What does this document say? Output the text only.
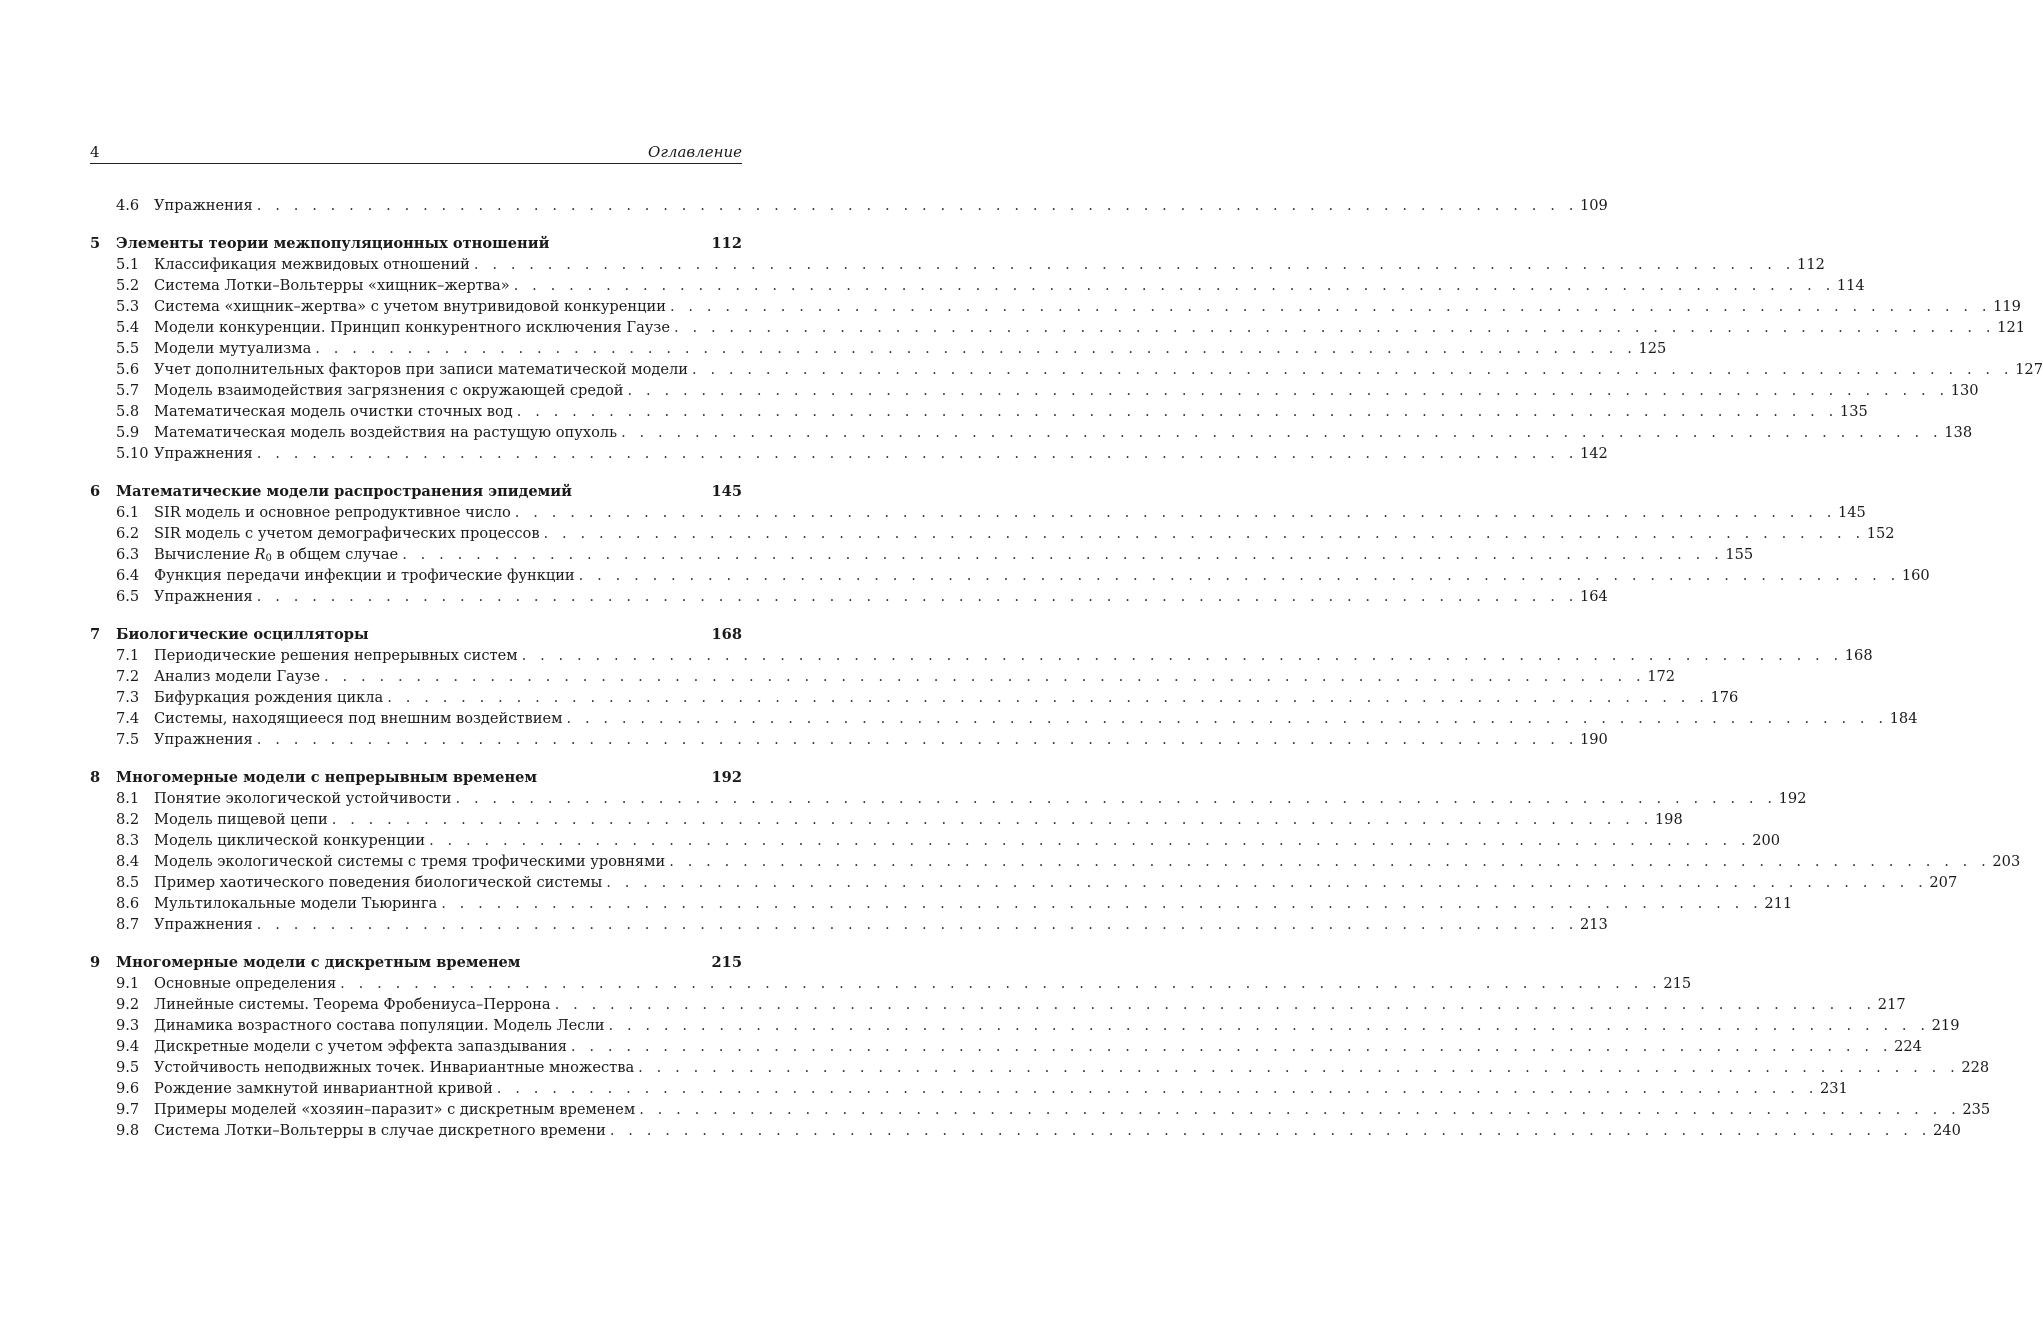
4	Оглавление
4.6	Упражнения . . . . . . . . . . . . . . . . . . . . . . . . . . . . . . . . . . . . . . . . . . . . . . . . . . . . . . . . . . . . . . . . . . . . . . . . 109
5	Элементы теории межпопуляционных отношений	112
5.1	Классификация межвидовых отношений . . . . . . . . . . . . . . . . . . . . . . . . . . . . . . . . . . . . . . . . . . . . . . . . . . . . . . . . . . . . . . . . . . . . . . . . 112
5.2	Система Лотки–Вольтерры «хищник–жертва» . . . . . . . . . . . . . . . . . . . . . . . . . . . . . . . . . . . . . . . . . . . . . . . . . . . . . . . . . . . . . . . . . . . . . . . . 114
5.3	Система «хищник–жертва» с учетом внутривидовой конкуренции . . . . . . . . . . . . . . . . . . . . . . . . . . . . . . . . . . . . . . . . . . . . . . . . . . . . . . . . . . . . . . . . . . . . . . . . 119
5.4	Модели конкуренции. Принцип конкурентного исключения Гаузе . . . . . . . . . . . . . . . . . . . . . . . . . . . . . . . . . . . . . . . . . . . . . . . . . . . . . . . . . . . . . . . . . . . . . . . . 121
5.5	Модели мутуализма . . . . . . . . . . . . . . . . . . . . . . . . . . . . . . . . . . . . . . . . . . . . . . . . . . . . . . . . . . . . . . . . . . . . . . . . 125
5.6	Учет дополнительных факторов при записи математической модели . . . . . . . . . . . . . . . . . . . . . . . . . . . . . . . . . . . . . . . . . . . . . . . . . . . . . . . . . . . . . . . . . . . . . . . . 127
5.7	Модель взаимодействия загрязнения с окружающей средой . . . . . . . . . . . . . . . . . . . . . . . . . . . . . . . . . . . . . . . . . . . . . . . . . . . . . . . . . . . . . . . . . . . . . . . . 130
5.8	Математическая модель очистки сточных вод . . . . . . . . . . . . . . . . . . . . . . . . . . . . . . . . . . . . . . . . . . . . . . . . . . . . . . . . . . . . . . . . . . . . . . . . 135
5.9	Математическая модель воздействия на растущую опухоль . . . . . . . . . . . . . . . . . . . . . . . . . . . . . . . . . . . . . . . . . . . . . . . . . . . . . . . . . . . . . . . . . . . . . . . . 138
5.10 Упражнения . . . . . . . . . . . . . . . . . . . . . . . . . . . . . . . . . . . . . . . . . . . . . . . . . . . . . . . . . . . . . . . . . . . . . . . . 142
6	Математические модели распространения эпидемий	145
6.1	SIR модель и основное репродуктивное число . . . . . . . . . . . . . . . . . . . . . . . . . . . . . . . . . . . . . . . . . . . . . . . . . . . . . . . . . . . . . . . . . . . . . . . . 145
6.2	SIR модель с учетом демографических процессов . . . . . . . . . . . . . . . . . . . . . . . . . . . . . . . . . . . . . . . . . . . . . . . . . . . . . . . . . . . . . . . . . . . . . . . . 152
6.3	Вычисление $R_0$ в общем случае . . . . . . . . . . . . . . . . . . . . . . . . . . . . . . . . . . . . . . . . . . . . . . . . . . . . . . . . . . . . . . . . . . . . . . . . 155
6.4	Функция передачи инфекции и трофические функции . . . . . . . . . . . . . . . . . . . . . . . . . . . . . . . . . . . . . . . . . . . . . . . . . . . . . . . . . . . . . . . . . . . . . . . . 160
6.5	Упражнения . . . . . . . . . . . . . . . . . . . . . . . . . . . . . . . . . . . . . . . . . . . . . . . . . . . . . . . . . . . . . . . . . . . . . . . . 164
7	Биологические осцилляторы	168
7.1	Периодические решения непрерывных систем . . . . . . . . . . . . . . . . . . . . . . . . . . . . . . . . . . . . . . . . . . . . . . . . . . . . . . . . . . . . . . . . . . . . . . . . 168
7.2	Анализ модели Гаузе . . . . . . . . . . . . . . . . . . . . . . . . . . . . . . . . . . . . . . . . . . . . . . . . . . . . . . . . . . . . . . . . . . . . . . . . 172
7.3	Бифуркация рождения цикла . . . . . . . . . . . . . . . . . . . . . . . . . . . . . . . . . . . . . . . . . . . . . . . . . . . . . . . . . . . . . . . . . . . . . . . . 176
7.4	Системы, находящиееся под внешним воздействием . . . . . . . . . . . . . . . . . . . . . . . . . . . . . . . . . . . . . . . . . . . . . . . . . . . . . . . . . . . . . . . . . . . . . . . . 184
7.5	Упражнения . . . . . . . . . . . . . . . . . . . . . . . . . . . . . . . . . . . . . . . . . . . . . . . . . . . . . . . . . . . . . . . . . . . . . . . . 190
8	Многомерные модели с непрерывным временем	192
8.1	Понятие экологической устойчивости . . . . . . . . . . . . . . . . . . . . . . . . . . . . . . . . . . . . . . . . . . . . . . . . . . . . . . . . . . . . . . . . . . . . . . . . 192
8.2	Модель пищевой цепи . . . . . . . . . . . . . . . . . . . . . . . . . . . . . . . . . . . . . . . . . . . . . . . . . . . . . . . . . . . . . . . . . . . . . . . . 198
8.3	Модель циклической конкуренции . . . . . . . . . . . . . . . . . . . . . . . . . . . . . . . . . . . . . . . . . . . . . . . . . . . . . . . . . . . . . . . . . . . . . . . . 200
8.4	Модель экологической системы с тремя трофическими уровнями . . . . . . . . . . . . . . . . . . . . . . . . . . . . . . . . . . . . . . . . . . . . . . . . . . . . . . . . . . . . . . . . . . . . . . . . 203
8.5	Пример хаотического поведения биологической системы . . . . . . . . . . . . . . . . . . . . . . . . . . . . . . . . . . . . . . . . . . . . . . . . . . . . . . . . . . . . . . . . . . . . . . . . 207
8.6	Мультилокальные модели Тьюринга . . . . . . . . . . . . . . . . . . . . . . . . . . . . . . . . . . . . . . . . . . . . . . . . . . . . . . . . . . . . . . . . . . . . . . . . 211
8.7	Упражнения . . . . . . . . . . . . . . . . . . . . . . . . . . . . . . . . . . . . . . . . . . . . . . . . . . . . . . . . . . . . . . . . . . . . . . . . 213
9	Многомерные модели с дискретным временем	215
9.1	Основные определения . . . . . . . . . . . . . . . . . . . . . . . . . . . . . . . . . . . . . . . . . . . . . . . . . . . . . . . . . . . . . . . . . . . . . . . . 215
9.2	Линейные системы. Теорема Фробениуса–Перрона . . . . . . . . . . . . . . . . . . . . . . . . . . . . . . . . . . . . . . . . . . . . . . . . . . . . . . . . . . . . . . . . . . . . . . . . 217
9.3	Динамика возрастного состава популяции. Модель Лесли . . . . . . . . . . . . . . . . . . . . . . . . . . . . . . . . . . . . . . . . . . . . . . . . . . . . . . . . . . . . . . . . . . . . . . . . 219
9.4	Дискретные модели с учетом эффекта запаздывания . . . . . . . . . . . . . . . . . . . . . . . . . . . . . . . . . . . . . . . . . . . . . . . . . . . . . . . . . . . . . . . . . . . . . . . . 224
9.5	Устойчивость неподвижных точек. Инвариантные множества . . . . . . . . . . . . . . . . . . . . . . . . . . . . . . . . . . . . . . . . . . . . . . . . . . . . . . . . . . . . . . . . . . . . . . . . 228
9.6	Рождение замкнутой инвариантной кривой . . . . . . . . . . . . . . . . . . . . . . . . . . . . . . . . . . . . . . . . . . . . . . . . . . . . . . . . . . . . . . . . . . . . . . . . 231
9.7	Примеры моделей «хозяин–паразит» с дискретным временем . . . . . . . . . . . . . . . . . . . . . . . . . . . . . . . . . . . . . . . . . . . . . . . . . . . . . . . . . . . . . . . . . . . . . . . . 235
9.8	Система Лотки–Вольтерры в случае дискретного времени . . . . . . . . . . . . . . . . . . . . . . . . . . . . . . . . . . . . . . . . . . . . . . . . . . . . . . . . . . . . . . . . . . . . . . . . 240
